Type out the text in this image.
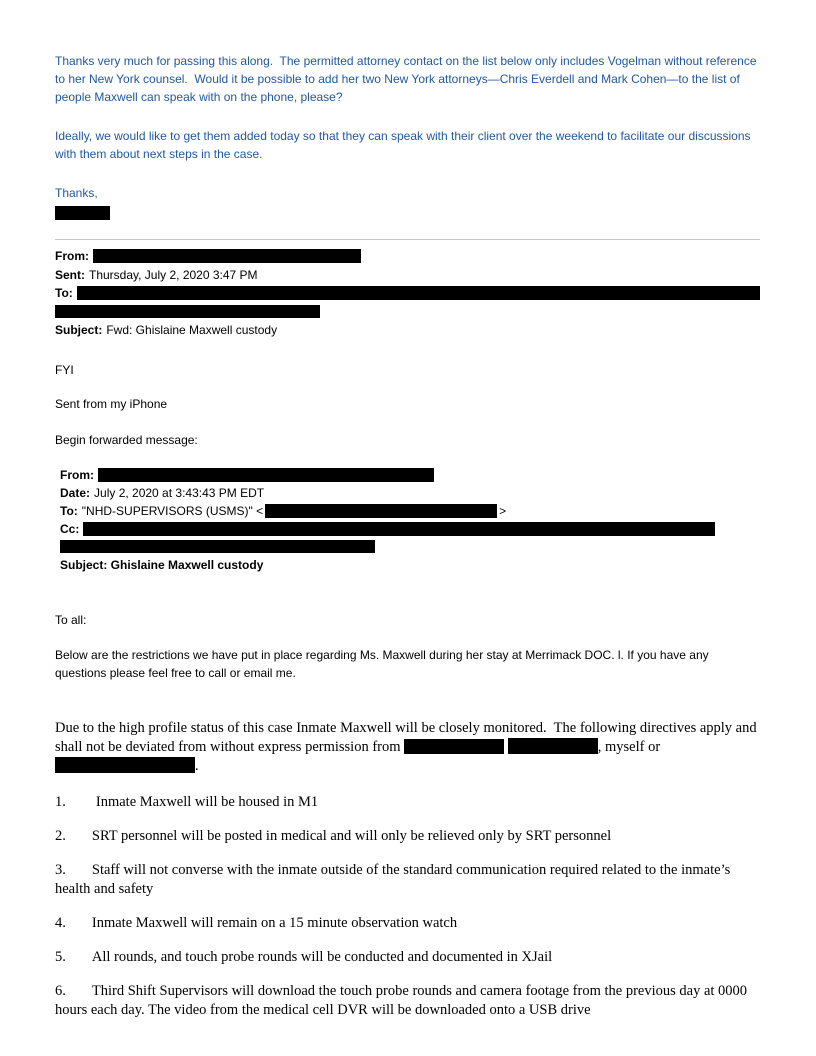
Thanks very much for passing this along.  The permitted attorney contact on the list below only includes Vogelman without reference to her New York counsel.  Would it be possible to add her two New York attorneys—Chris Everdell and Mark Cohen—to the list of people Maxwell can speak with on the phone, please?

Ideally, we would like to get them added today so that they can speak with their client over the weekend to facilitate our discussions with them about next steps in the case.

Thanks,

From:
Sent: Thursday, July 2, 2020 3:47 PM
To:
Subject: Fwd: Ghislaine Maxwell custody

FYI

Sent from my iPhone

Begin forwarded message:

From:
Date: July 2, 2020 at 3:43:43 PM EDT
To: "NHD-SUPERVISORS (USMS)" <	>
Cc:
Subject: Ghislaine Maxwell custody

To all:

Below are the restrictions we have put in place regarding Ms. Maxwell during her stay at Merrimack DOC. l. If you have any questions please feel free to call or email me.

Due to the high profile status of this case Inmate Maxwell will be closely monitored.  The following directives apply and shall not be deviated from without express permission from	, myself or .

1. Inmate Maxwell will be housed in M1

2. SRT personnel will be posted in medical and will only be relieved only by SRT personnel

3. Staff will not converse with the inmate outside of the standard communication required related to the inmate’s health and safety

4. Inmate Maxwell will remain on a 15 minute observation watch

5. All rounds, and touch probe rounds will be conducted and documented in XJail

6. Third Shift Supervisors will download the touch probe rounds and camera footage from the previous day at 0000 hours each day. The video from the medical cell DVR will be downloaded onto a USB drive
